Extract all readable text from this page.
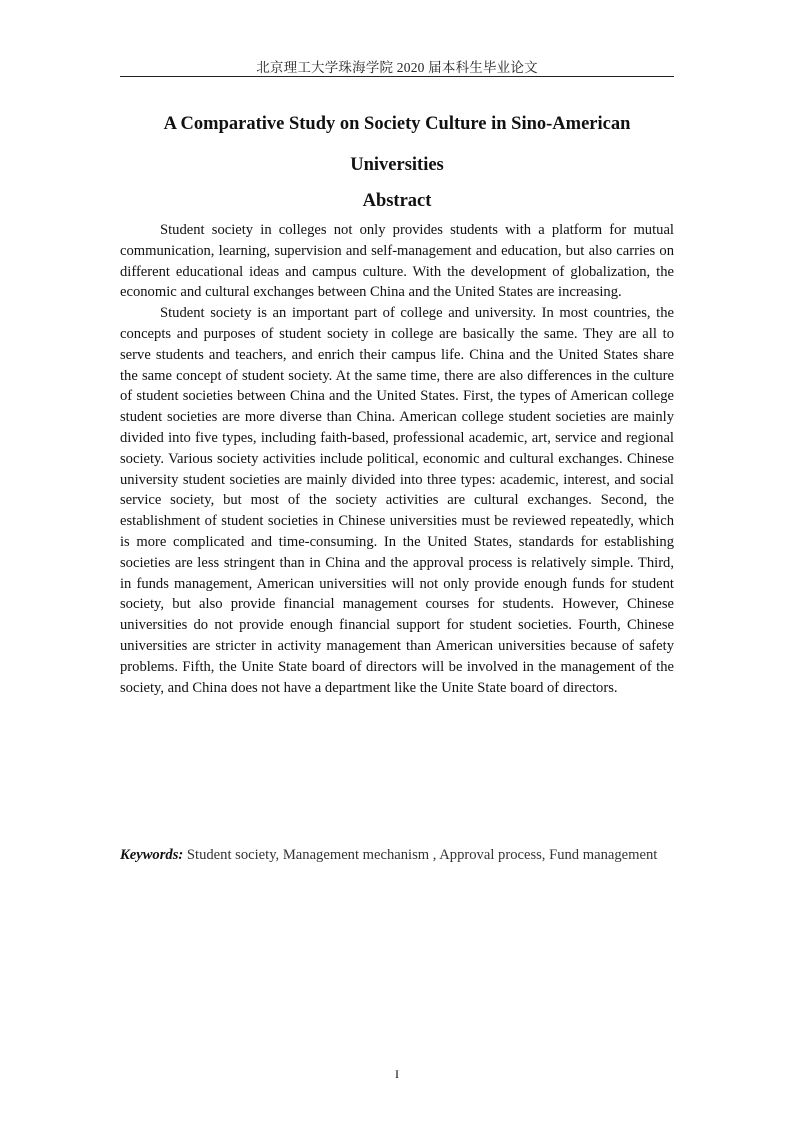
北京理工大学珠海学院 2020 届本科生毕业论文
A Comparative Study on Society Culture in Sino-American Universities
Abstract

Student society in colleges not only provides students with a platform for mutual communication, learning, supervision and self-management and education, but also carries on different educational ideas and campus culture. With the development of globalization, the economic and cultural exchanges between China and the United States are increasing.

Student society is an important part of college and university. In most countries, the concepts and purposes of student society in college are basically the same. They are all to serve students and teachers, and enrich their campus life. China and the United States share the same concept of student society. At the same time, there are also differences in the culture of student societies between China and the United States. First, the types of American college student societies are more diverse than China. American college student societies are mainly divided into five types, including faith-based, professional academic, art, service and regional society. Various society activities include political, economic and cultural exchanges. Chinese university student societies are mainly divided into three types: academic, interest, and social service society, but most of the society activities are cultural exchanges. Second, the establishment of student societies in Chinese universities must be reviewed repeatedly, which is more complicated and time-consuming. In the United States, standards for establishing societies are less stringent than in China and the approval process is relatively simple. Third, in funds management, American universities will not only provide enough funds for student society, but also provide financial management courses for students. However, Chinese universities do not provide enough financial support for student societies. Fourth, Chinese universities are stricter in activity management than American universities because of safety problems. Fifth, the Unite State board of directors will be involved in the management of the society, and China does not have a department like the Unite State board of directors.

Keywords: Student society, Management mechanism , Approval process, Fund management

I
